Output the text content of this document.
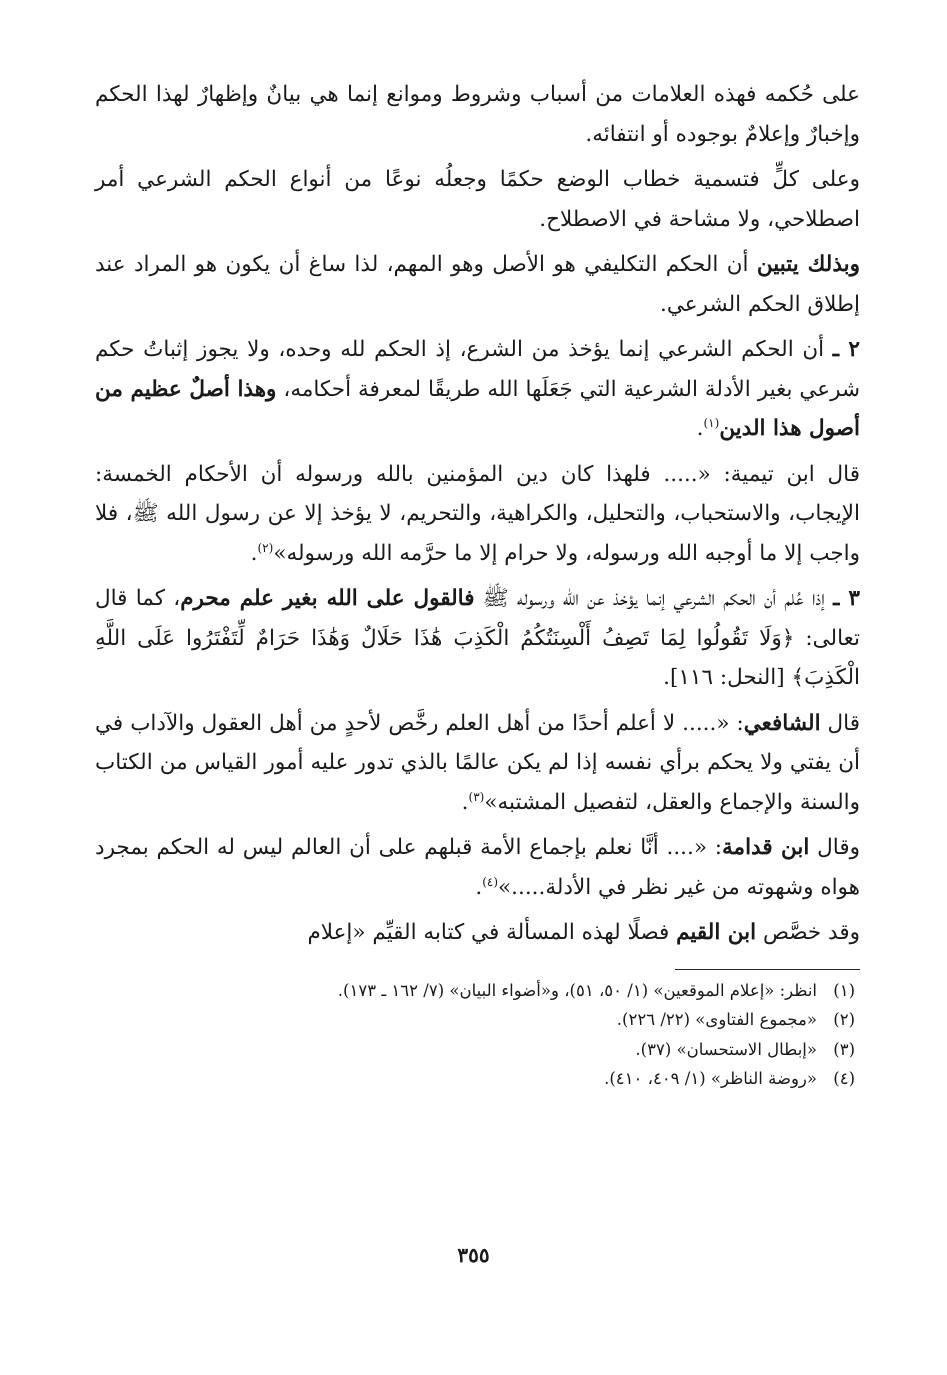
على حُكمه فهذه العلامات من أسباب وشروط وموانع إنما هي بيانٌ وإظهارٌ لهذا الحكم وإخبارٌ وإعلامٌ بوجوده أو انتفائه.

وعلى كلٍّ فتسمية خطاب الوضع حكمًا وجعلُه نوعًا من أنواع الحكم الشرعي أمر اصطلاحي، ولا مشاحة في الاصطلاح.

وبذلك يتبين أن الحكم التكليفي هو الأصل وهو المهم، لذا ساغ أن يكون هو المراد عند إطلاق الحكم الشرعي.

٢ ـ أن الحكم الشرعي إنما يؤخذ من الشرع، إذ الحكم لله وحده، ولا يجوز إثباتُ حكم شرعي بغير الأدلة الشرعية التي جَعَلَها الله طريقًا لمعرفة أحكامه، وهذا أصلٌ عظيم من أصول هذا الدين$^{(١)}$.

قال ابن تيمية: «..... فلهذا كان دين المؤمنين بالله ورسوله أن الأحكام الخمسة: الإيجاب، والاستحباب، والتحليل، والكراهية، والتحريم، لا يؤخذ إلا عن رسول الله ﷺ، فلا واجب إلا ما أوجبه الله ورسوله، ولا حرام إلا ما حرَّمه الله ورسوله»$^{(٢)}$.

٣ ـ إذا عُلم أن الحكم الشرعي إنما يؤخذ عن الله ورسوله ﷺ فالقول على الله بغير علم محرم، كما قال تعالى: ﴿وَلَا تَقُولُوا لِمَا تَصِفُ أَلْسِنَتُكُمُ الْكَذِبَ هَٰذَا حَلَالٌ وَهَٰذَا حَرَامٌ لِّتَفْتَرُوا عَلَى اللَّهِ الْكَذِبَ﴾ [النحل: ١١٦].

قال الشافعي: «..... لا أعلم أحدًا من أهل العلم رخَّص لأحدٍ من أهل العقول والآداب في أن يفتي ولا يحكم برأي نفسه إذا لم يكن عالمًا بالذي تدور عليه أمور القياس من الكتاب والسنة والإجماع والعقل، لتفصيل المشتبه»$^{(٣)}$.

وقال ابن قدامة: «.... أنَّا نعلم بإجماع الأمة قبلهم على أن العالم ليس له الحكم بمجرد هواه وشهوته من غير نظر في الأدلة.....»$^{(٤)}$.

وقد خصَّص ابن القيم فصلًا لهذه المسألة في كتابه القيِّم «إعلام

(١)انظر: «إعلام الموقعين» (١/ ٥٠، ٥١)، و«أضواء البيان» (٧/ ١٦٢ ـ ١٧٣).

(٢)«مجموع الفتاوى» (٢٢/ ٢٢٦).

(٣)«إبطال الاستحسان» (٣٧).

(٤)«روضة الناظر» (١/ ٤٠٩، ٤١٠).

٣٥٥
